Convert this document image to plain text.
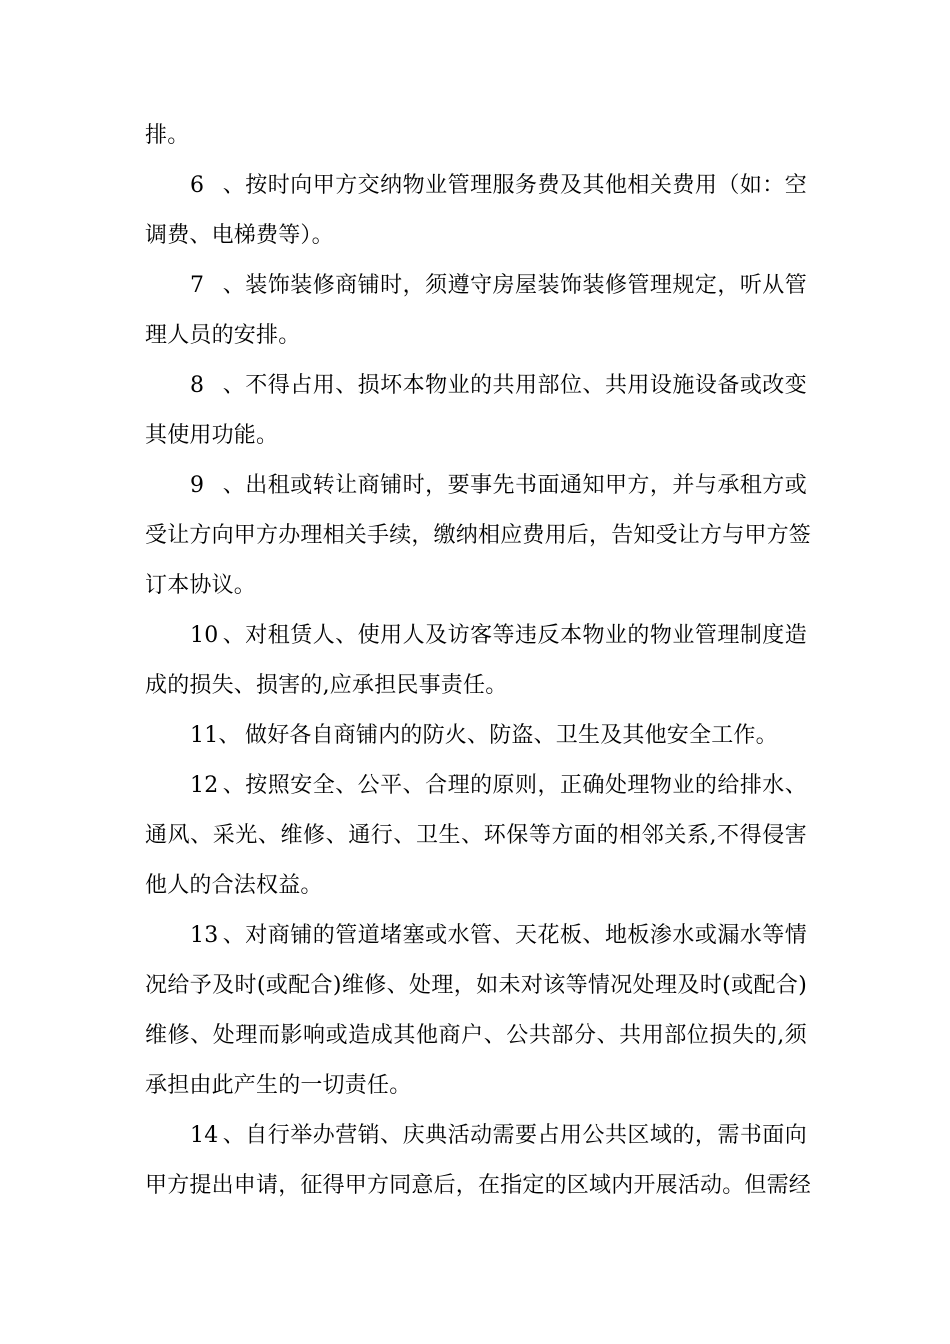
排。
6、按时向甲方交纳物业管理服务费及其他相关费用（如：空
调费、电梯费等）。
7、装饰装修商铺时，须遵守房屋装饰装修管理规定，听从管
理人员的安排。
8、不得占用、损坏本物业的共用部位、共用设施设备或改变
其使用功能。
9、出租或转让商铺时，要事先书面通知甲方，并与承租方或
受让方向甲方办理相关手续，缴纳相应费用后，告知受让方与甲方签
订本协议。
10、对租赁人、使用人及访客等违反本物业的物业管理制度造
成的损失、损害的,应承担民事责任。
11、 做好各自商铺内的防火、防盗、卫生及其他安全工作。
12、按照安全、公平、合理的原则，正确处理物业的给排水、
通风、采光、维修、通行、卫生、环保等方面的相邻关系,不得侵害
他人的合法权益。
13、对商铺的管道堵塞或水管、天花板、地板渗水或漏水等情
况给予及时(或配合)维修、处理，如未对该等情况处理及时(或配合)
维修、处理而影响或造成其他商户、公共部分、共用部位损失的,须
承担由此产生的一切责任。
14、自行举办营销、庆典活动需要占用公共区域的，需书面向
甲方提出申请，征得甲方同意后，在指定的区域内开展活动。但需经
